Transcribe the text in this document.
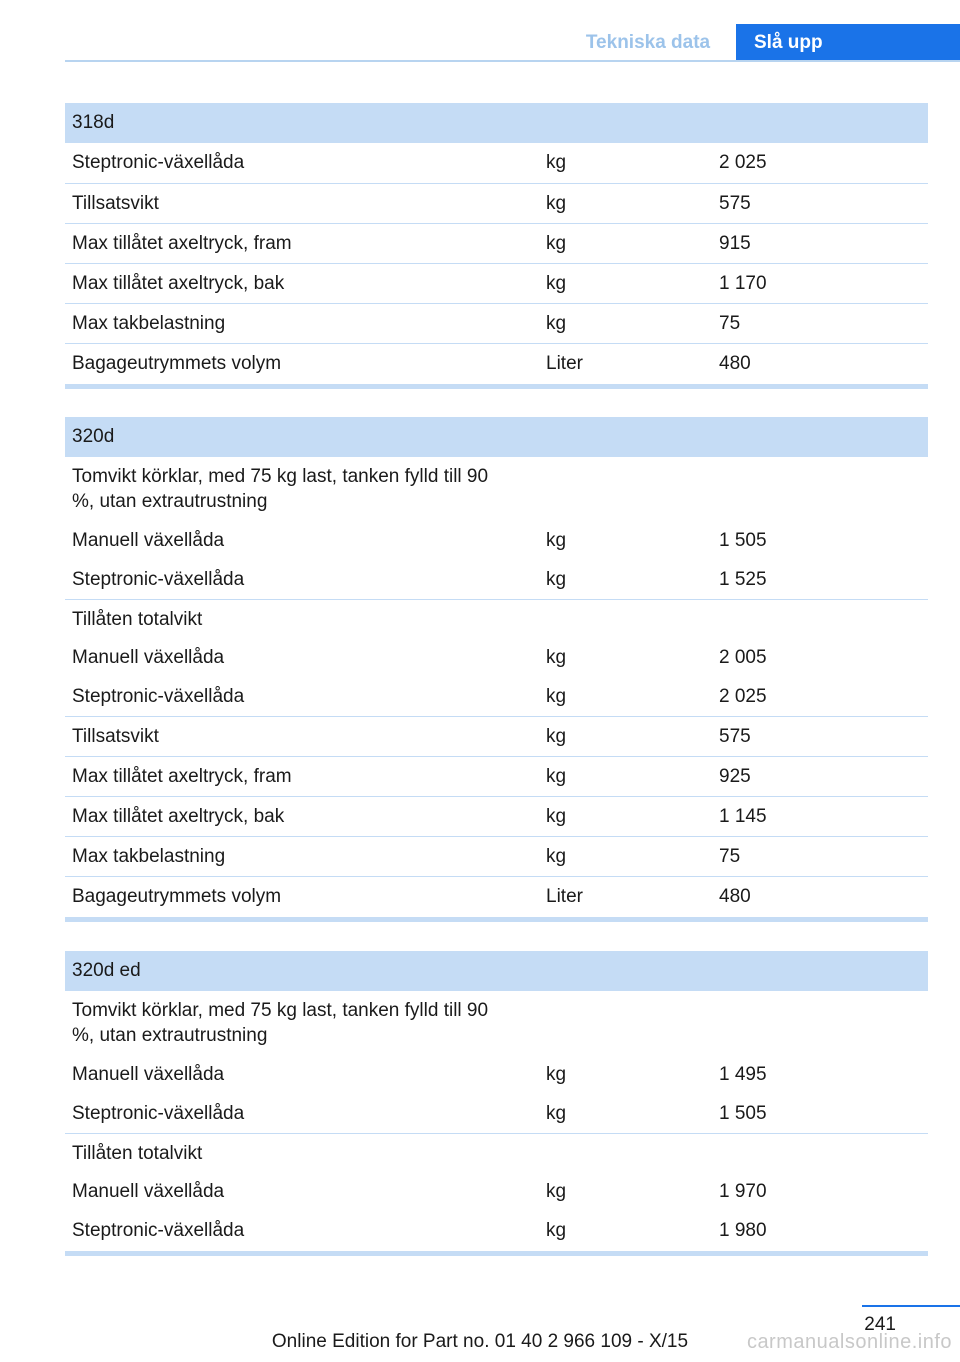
Tekniska data	Slå upp
318d
Steptronic-växellåda	kg	2 025
Tillsatsvikt	kg	575
Max tillåtet axeltryck, fram	kg	915
Max tillåtet axeltryck, bak	kg	1 170
Max takbelastning	kg	75
Bagageutrymmets volym	Liter	480
320d
Tomvikt körklar, med 75 kg last, tanken fylld till 90 %, utan extrautrustning
Manuell växellåda	kg	1 505
Steptronic-växellåda	kg	1 525
Tillåten totalvikt
Manuell växellåda	kg	2 005
Steptronic-växellåda	kg	2 025
Tillsatsvikt	kg	575
Max tillåtet axeltryck, fram	kg	925
Max tillåtet axeltryck, bak	kg	1 145
Max takbelastning	kg	75
Bagageutrymmets volym	Liter	480
320d ed
Tomvikt körklar, med 75 kg last, tanken fylld till 90 %, utan extrautrustning
Manuell växellåda	kg	1 495
Steptronic-växellåda	kg	1 505
Tillåten totalvikt
Manuell växellåda	kg	1 970
Steptronic-växellåda	kg	1 980
241
Online Edition for Part no. 01 40 2 966 109 - X/15	carmanualsonline.info
